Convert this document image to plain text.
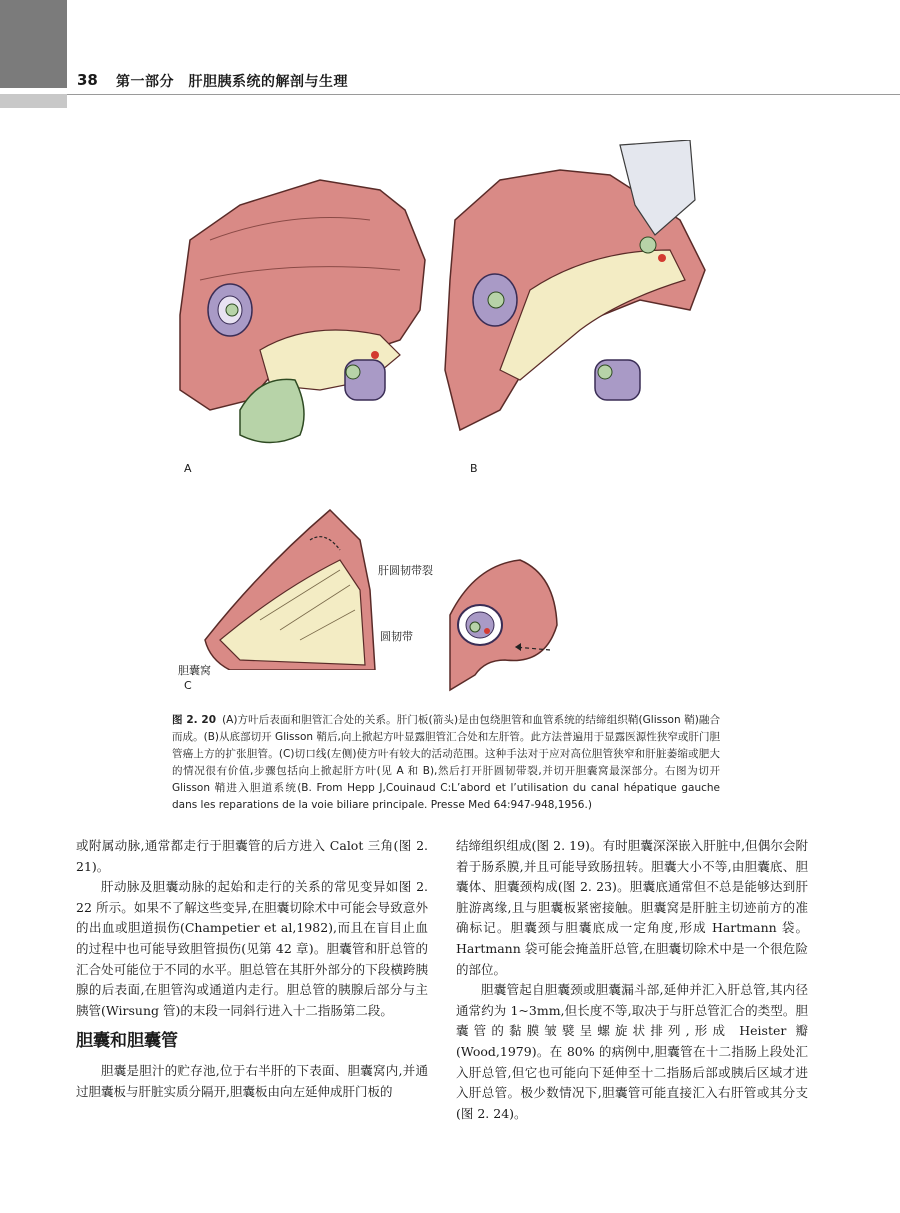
38 第一部分　肝胆胰系统的解剖与生理
A	B
肝圆韧带裂
圆韧带
胆囊窝
C
图 2. 20 (A)方叶后表面和胆管汇合处的关系。肝门板(箭头)是由包绕胆管和血管系统的结缔组织鞘(Glisson 鞘)融合而成。(B)从底部切开 Glisson 鞘后,向上掀起方叶显露胆管汇合处和左肝管。此方法普遍用于显露医源性狭窄或肝门胆管癌上方的扩张胆管。(C)切口线(左侧)使方叶有较大的活动范围。这种手法对于应对高位胆管狭窄和肝脏萎缩或肥大的情况很有价值,步骤包括向上掀起肝方叶(见 A 和 B),然后打开肝圆韧带裂,并切开胆囊窝最深部分。右图为切开 Glisson 鞘进入胆道系统(B. From Hepp J,Couinaud C:L’abord et l’utilisation du canal hépatique gauche dans les reparations de la voie biliare principale. Presse Med 64:947-948,1956.)

或附属动脉,通常都走行于胆囊管的后方进入 Calot 三角(图 2. 21)。

肝动脉及胆囊动脉的起始和走行的关系的常见变异如图 2. 22 所示。如果不了解这些变异,在胆囊切除术中可能会导致意外的出血或胆道损伤(Champetier et al,1982),而且在盲目止血的过程中也可能导致胆管损伤(见第 42 章)。胆囊管和肝总管的汇合处可能位于不同的水平。胆总管在其肝外部分的下段横跨胰腺的后表面,在胆管沟或通道内走行。胆总管的胰腺后部分与主胰管(Wirsung 管)的末段一同斜行进入十二指肠第二段。

胆囊和胆囊管

胆囊是胆汁的贮存池,位于右半肝的下表面、胆囊窝内,并通过胆囊板与肝脏实质分隔开,胆囊板由向左延伸成肝门板的

结缔组织组成(图 2. 19)。有时胆囊深深嵌入肝脏中,但偶尔会附着于肠系膜,并且可能导致肠扭转。胆囊大小不等,由胆囊底、胆囊体、胆囊颈构成(图 2. 23)。胆囊底通常但不总是能够达到肝脏游离缘,且与胆囊板紧密接触。胆囊窝是肝脏主切迹前方的准确标记。胆囊颈与胆囊底成一定角度,形成 Hartmann 袋。Hartmann 袋可能会掩盖肝总管,在胆囊切除术中是一个很危险的部位。

胆囊管起自胆囊颈或胆囊漏斗部,延伸并汇入肝总管,其内径通常约为 1~3mm,但长度不等,取决于与肝总管汇合的类型。胆囊管的黏膜皱襞呈螺旋状排列,形成 Heister 瓣(Wood,1979)。在 80% 的病例中,胆囊管在十二指肠上段处汇入肝总管,但它也可能向下延伸至十二指肠后部或胰后区域才进入肝总管。极少数情况下,胆囊管可能直接汇入右肝管或其分支(图 2. 24)。
